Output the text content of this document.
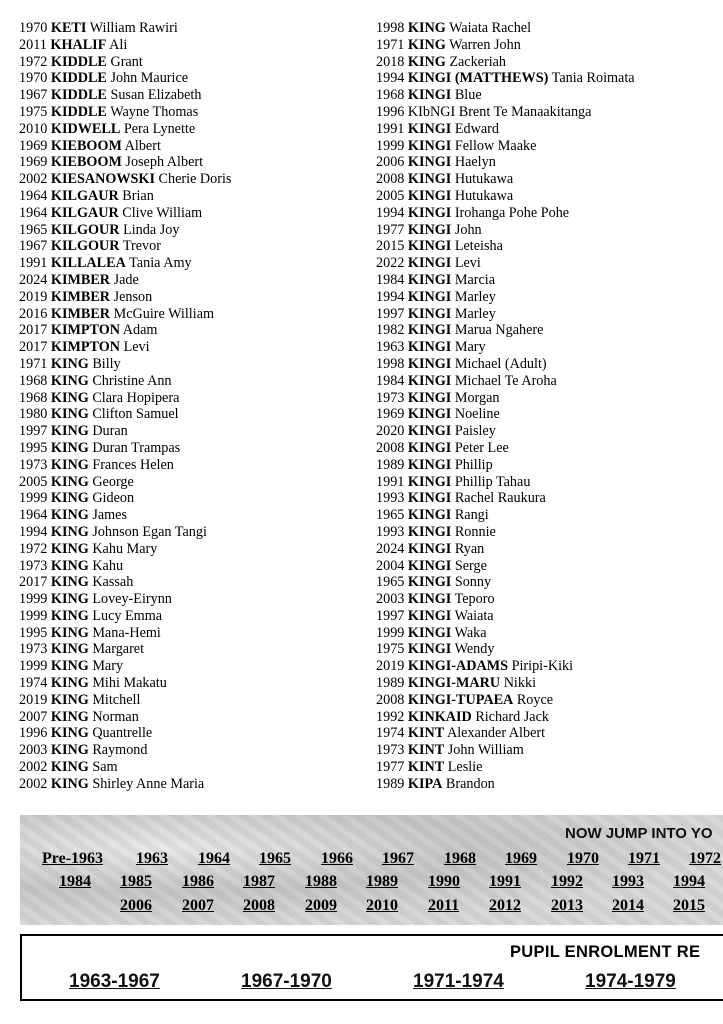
1970 KETI William Rawiri
2011 KHALIF Ali
1972 KIDDLE Grant
1970 KIDDLE John Maurice
1967 KIDDLE Susan Elizabeth
1975 KIDDLE Wayne Thomas
2010 KIDWELL Pera Lynette
1969 KIEBOOM Albert
1969 KIEBOOM Joseph Albert
2002 KIESANOWSKI Cherie Doris
1964 KILGAUR Brian
1964 KILGAUR Clive William
1965 KILGOUR Linda Joy
1967 KILGOUR Trevor
1991 KILLALEA Tania Amy
2024 KIMBER Jade
2019 KIMBER Jenson
2016 KIMBER McGuire William
2017 KIMPTON Adam
2017 KIMPTON Levi
1971 KING Billy
1968 KING Christine Ann
1968 KING Clara Hopipera
1980 KING Clifton Samuel
1997 KING Duran
1995 KING Duran Trampas
1973 KING Frances Helen
2005 KING George
1999 KING Gideon
1964 KING James
1994 KING Johnson Egan Tangi
1972 KING Kahu Mary
1973 KING Kahu
2017 KING Kassah
1999 KING Lovey-Eirynn
1999 KING Lucy Emma
1995 KING Mana-Hemi
1973 KING Margaret
1999 KING Mary
1974 KING Mihi Makatu
2019 KING Mitchell
2007 KING Norman
1996 KING Quantrelle
2003 KING Raymond
2002 KING Sam
2002 KING Shirley Anne Maria
1998 KING Waiata Rachel
1971 KING Warren John
2018 KING Zackeriah
1994 KINGI (MATTHEWS) Tania Roimata
1968 KINGI Blue
1996 KIbNGI Brent Te Manaakitanga
1991 KINGI Edward
1999 KINGI Fellow Maake
2006 KINGI Haelyn
2008 KINGI Hutukawa
2005 KINGI Hutukawa
1994 KINGI Irohanga Pohe Pohe
1977 KINGI John
2015 KINGI Leteisha
2022 KINGI Levi
1984 KINGI Marcia
1994 KINGI Marley
1997 KINGI Marley
1982 KINGI Marua Ngahere
1963 KINGI Mary
1998 KINGI Michael (Adult)
1984 KINGI Michael Te Aroha
1973 KINGI Morgan
1969 KINGI Noeline
2020 KINGI Paisley
2008 KINGI Peter Lee
1989 KINGI Phillip
1991 KINGI Phillip Tahau
1993 KINGI Rachel Raukura
1965 KINGI Rangi
1993 KINGI Ronnie
2024 KINGI Ryan
2004 KINGI Serge
1965 KINGI Sonny
2003 KINGI Teporo
1997 KINGI Waiata
1999 KINGI Waka
1975 KINGI Wendy
2019 KINGI-ADAMS Piripi-Kiki
1989 KINGI-MARU Nikki
2008 KINGI-TUPAEA Royce
1992 KINKAID Richard Jack
1974 KINT Alexander Albert
1973 KINT John William
1977 KINT Leslie
1989 KIPA Brandon
NOW JUMP INTO YO
Pre-1963 1963 1964 1965 1966 1967 1968 1969 1970 1971 1972
1984 1985 1986 1987 1988 1989 1990 1991 1992 1993 1994
2006 2007 2008 2009 2010 2011 2012 2013 2014 2015
PUPIL ENROLMENT RE
1963-1967	1967-1970	1971-1974	1974-1979
